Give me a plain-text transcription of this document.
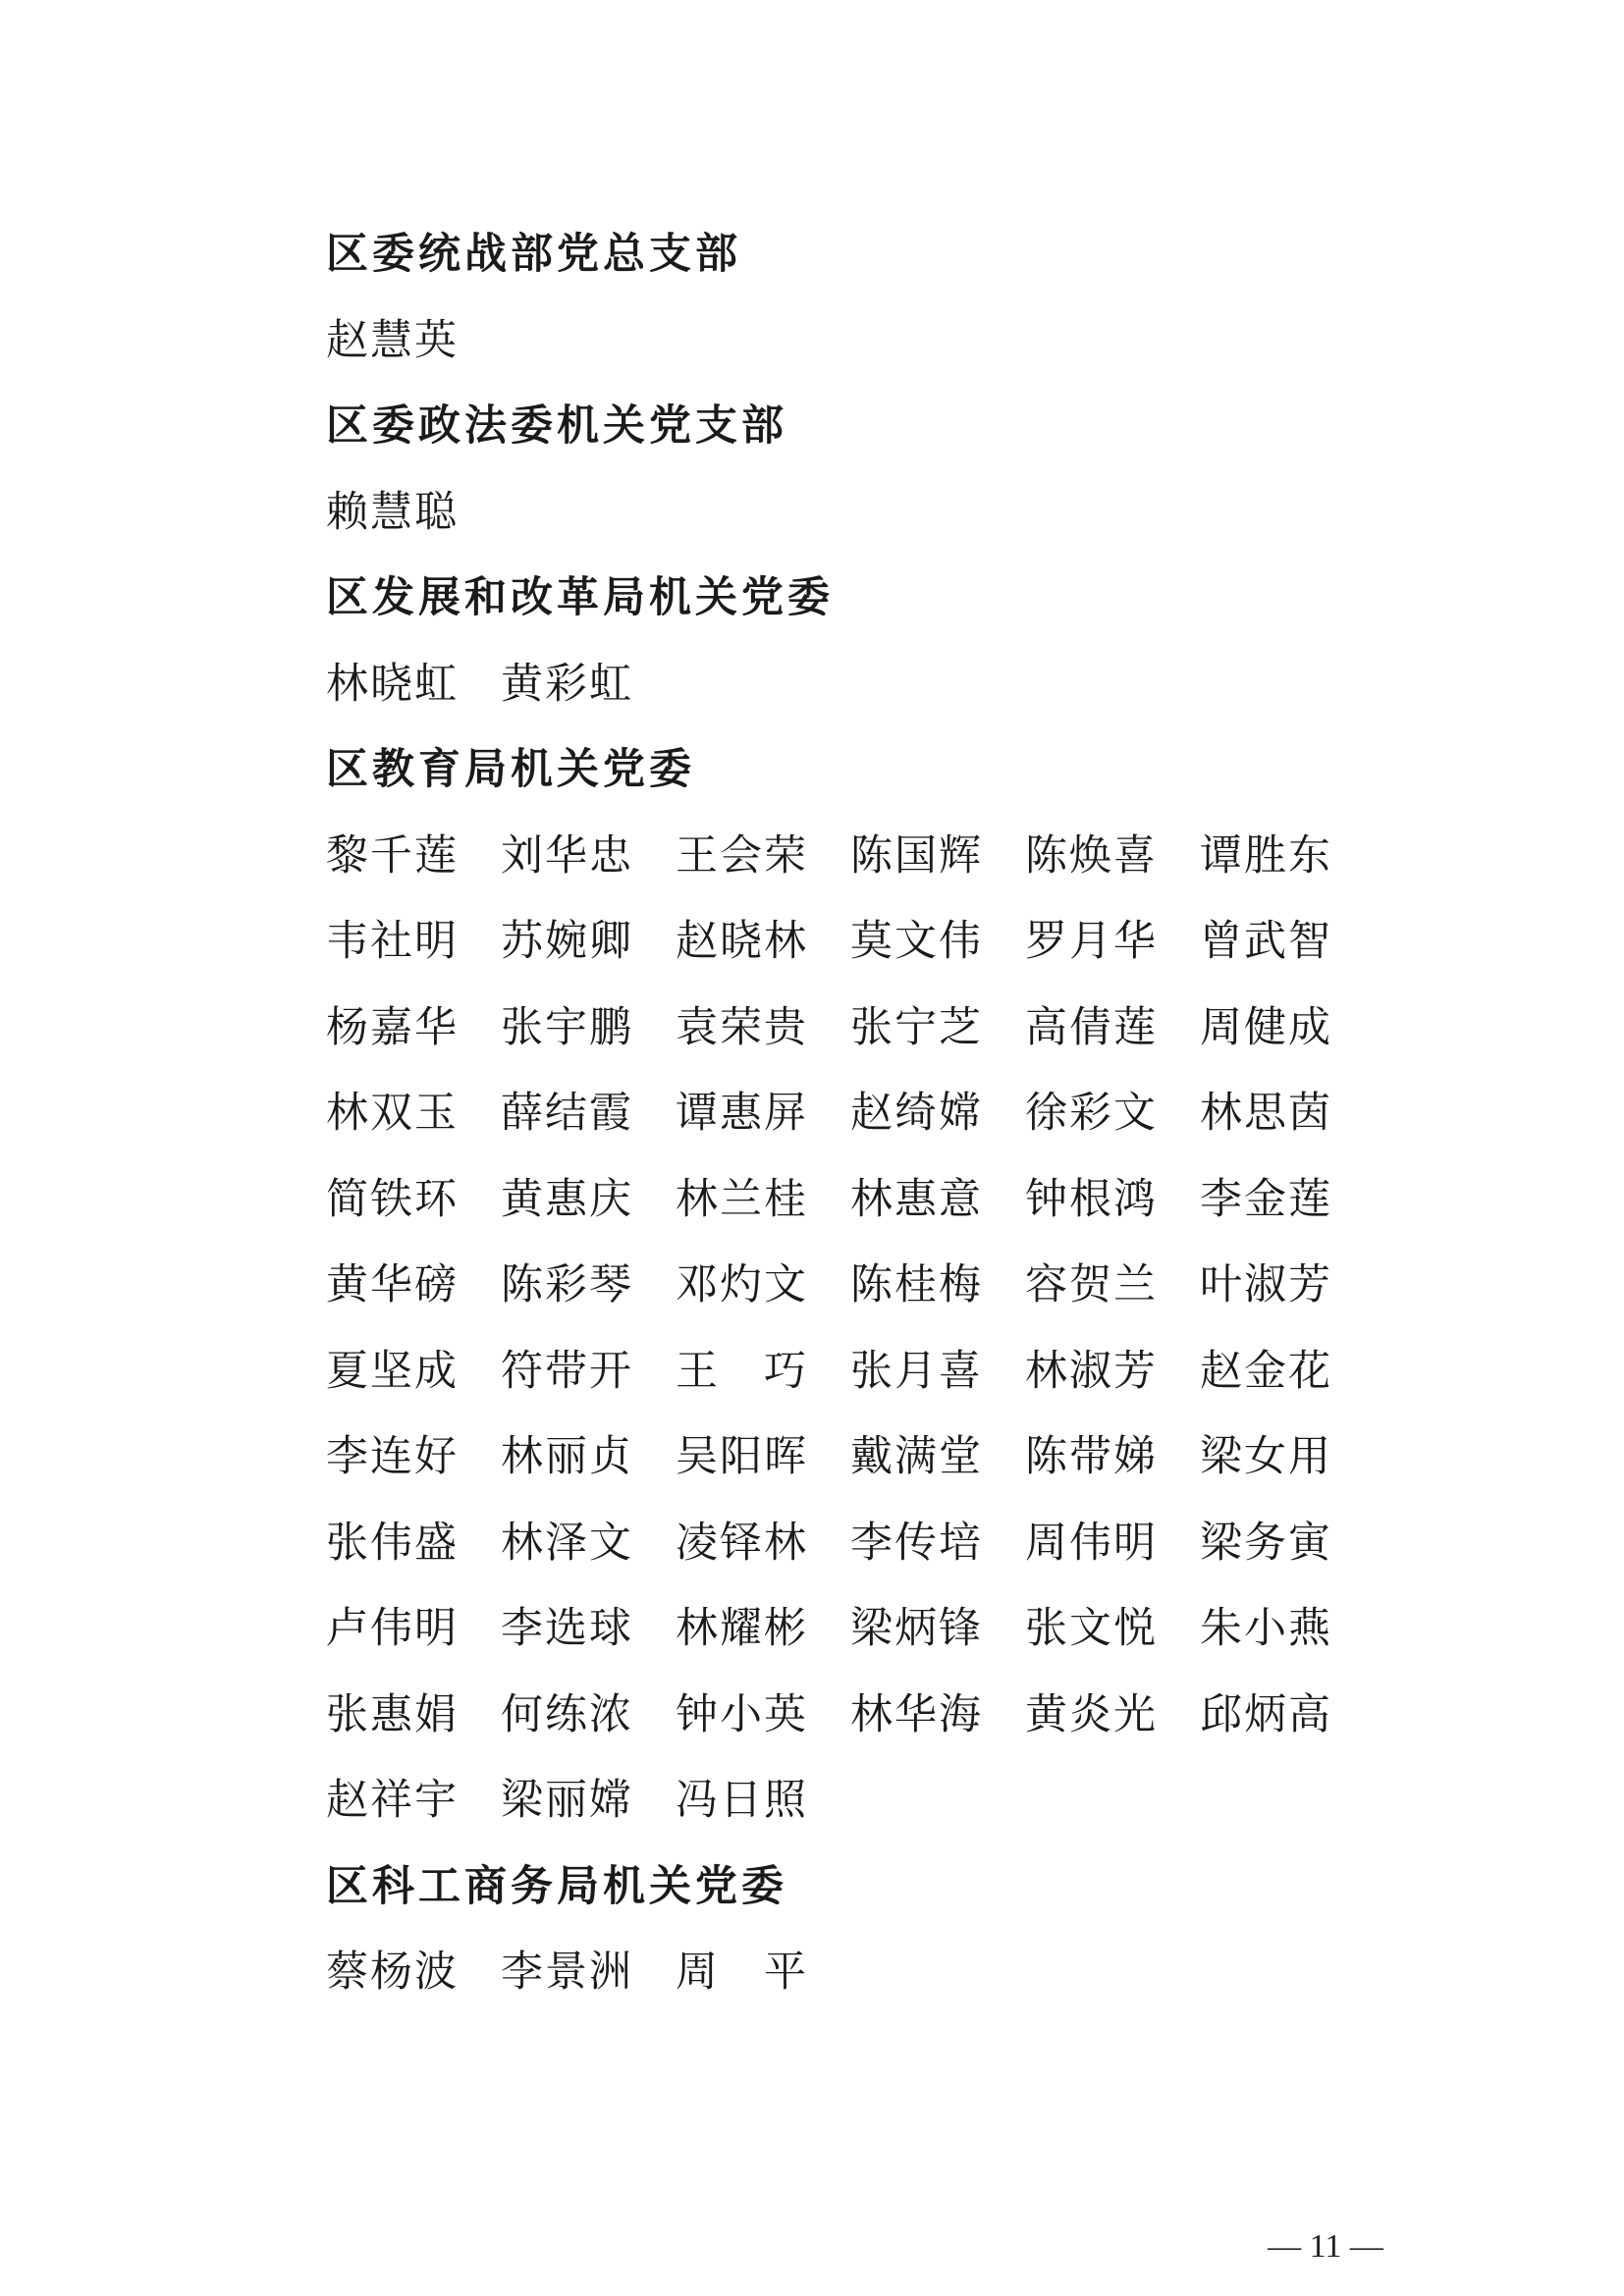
区委统战部党总支部
赵慧英
区委政法委机关党支部
赖慧聪
区发展和改革局机关党委
林晓虹	黄彩虹
区教育局机关党委
黎千莲	刘华忠	王会荣	陈国辉	陈焕喜	谭胜东
韦社明	苏婉卿	赵晓林	莫文伟	罗月华	曾武智
杨嘉华	张宇鹏	袁荣贵	张宁芝	高倩莲	周健成
林双玉	薛结霞	谭惠屏	赵绮嫦	徐彩文	林思茵
简铁环	黄惠庆	林兰桂	林惠意	钟根鸿	李金莲
黄华磅	陈彩琴	邓灼文	陈桂梅	容贺兰	叶淑芳
夏坚成	符带开	王　巧	张月喜	林淑芳	赵金花
李连好	林丽贞	吴阳晖	戴满堂	陈带娣	梁女用
张伟盛	林泽文	凌铎林	李传培	周伟明	梁务寅
卢伟明	李选球	林耀彬	梁炳锋	张文悦	朱小燕
张惠娟	何练浓	钟小英	林华海	黄炎光	邱炳高
赵祥宇	梁丽嫦	冯日照
区科工商务局机关党委
蔡杨波	李景洲	周　平
— 11 —
